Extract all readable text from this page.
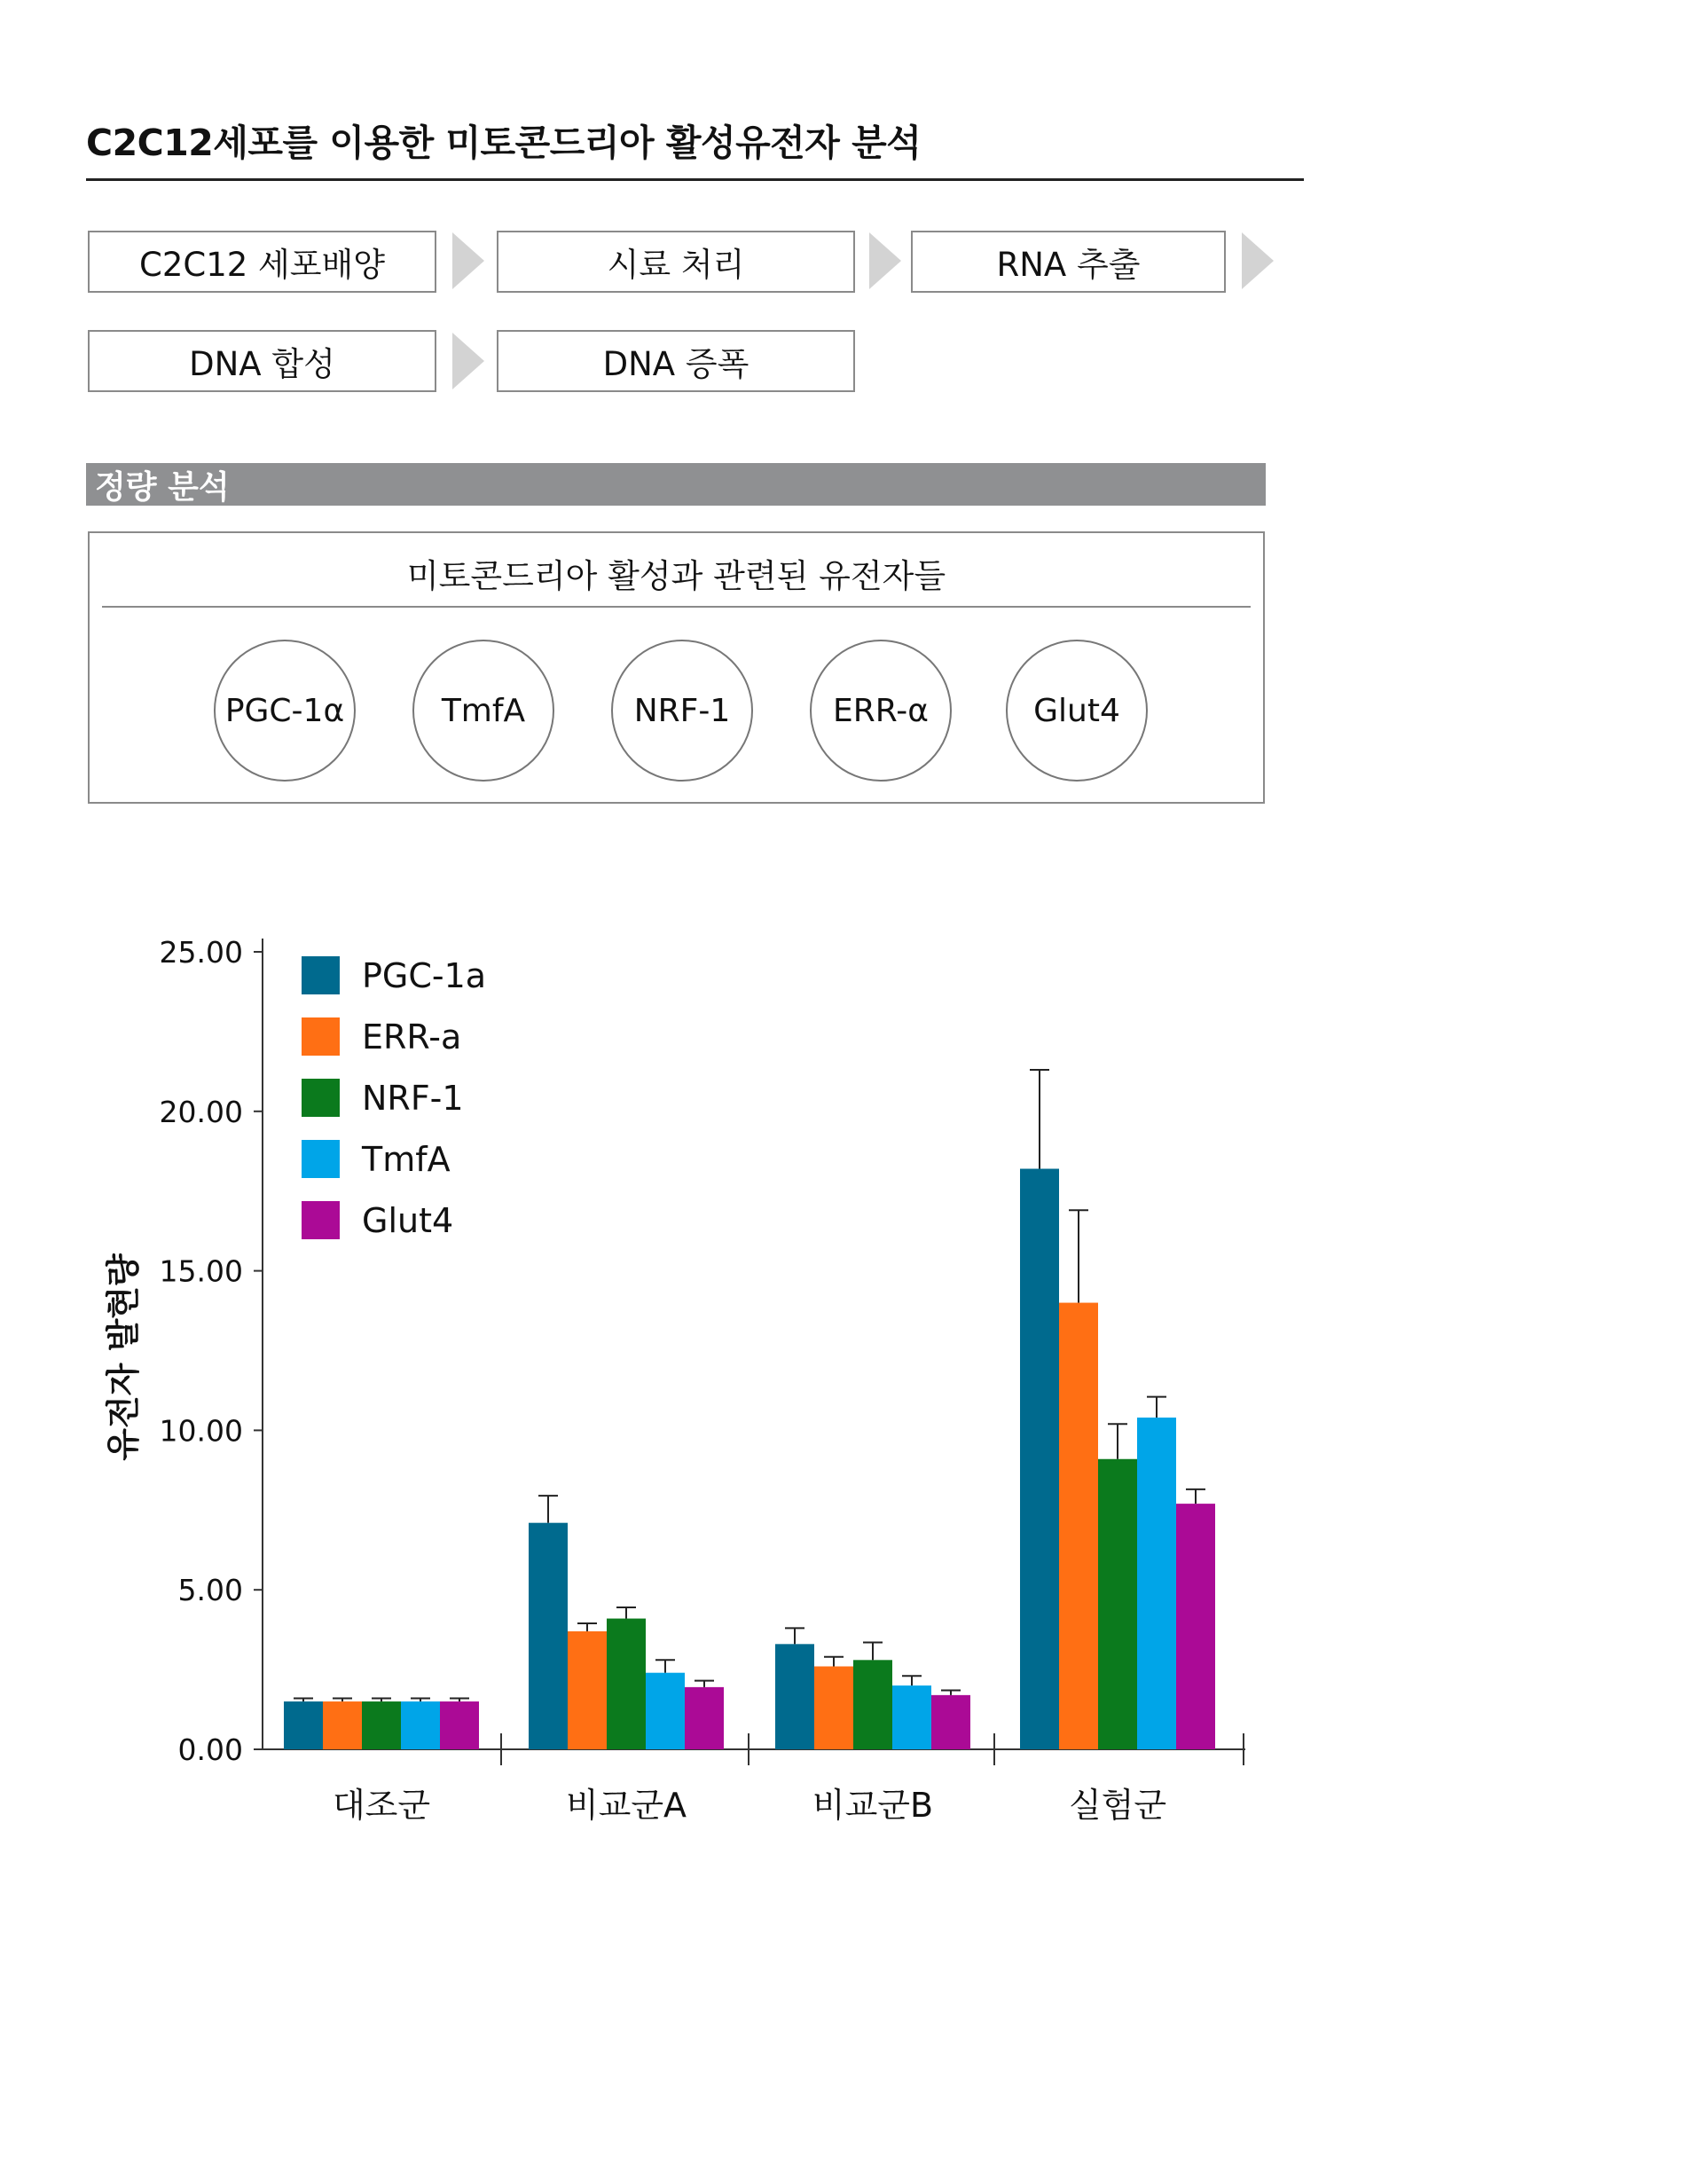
C2C12세포를 이용한 미토콘드리아 활성유전자 분석
C2C12 세포배양	시료 처리	RNA 추출
DNA 합성	DNA 증폭
정량 분석
미토콘드리아 활성과 관련된 유전자들
PGC-1α	TmfA	NRF-1	ERR-α	Glut4
0.00
5.00
10.00
15.00
20.00
25.00
유전자 발현량
대조군	비교군A	비교군B	실험군
PGC-1a
ERR-a
NRF-1
TmfA
Glut4
